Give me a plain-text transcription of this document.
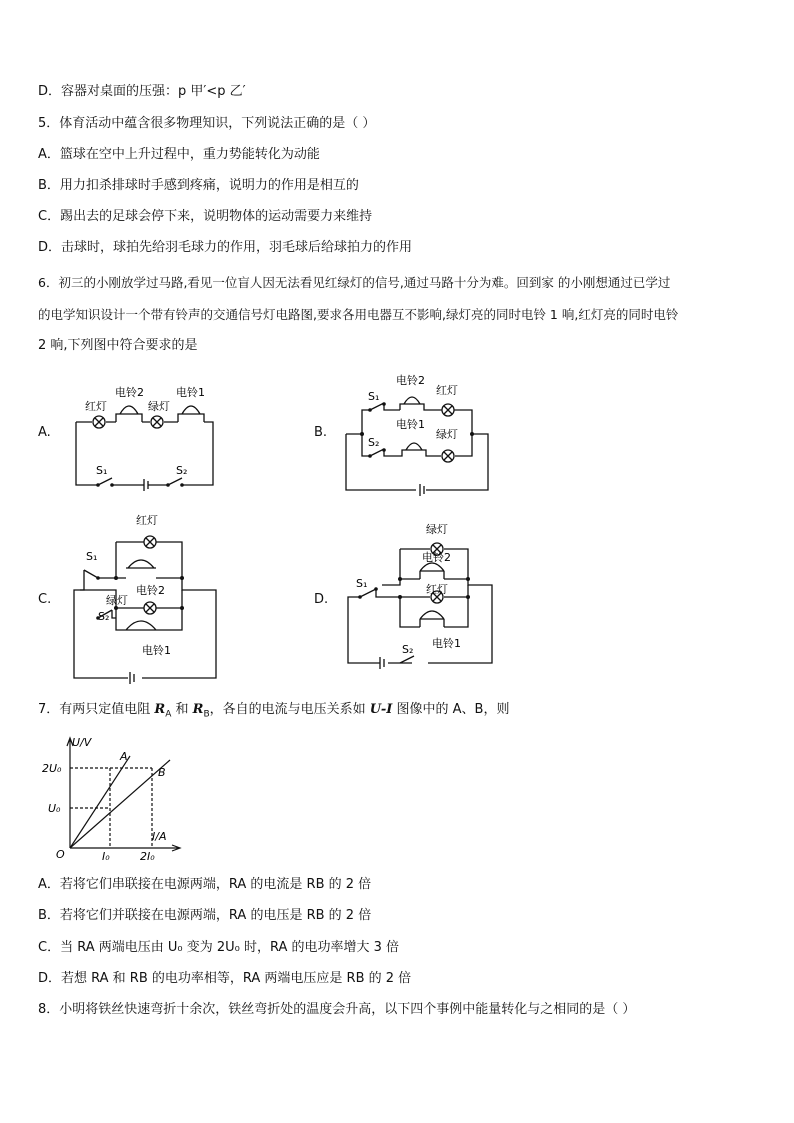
D．容器对桌面的压强：p 甲′<p 乙′
5．体育活动中蕴含很多物理知识，下列说法正确的是（ ）
A．篮球在空中上升过程中，重力势能转化为动能
B．用力扣杀排球时手感到疼痛，说明力的作用是相互的
C．踢出去的足球会停下来，说明物体的运动需要力来维持
D．击球时，球拍先给羽毛球力的作用，羽毛球后给球拍力的作用
6．初三的小刚放学过马路,看见一位盲人因无法看见红绿灯的信号,通过马路十分为难。回到家 的小刚想通过已学过
的电学知识设计一个带有铃声的交通信号灯电路图,要求各用电器互不影响,绿灯亮的同时电铃 1 响,红灯亮的同时电铃
2 响,下列图中符合要求的是
A.	B.
C.	D.
红灯
电铃2
绿灯
电铃1
S₁	S₂
电铃2
红灯
S₁
电铃1
绿灯
S₂
红灯
S₁
电铃2
绿灯
S₂
电铃1
绿灯
电铃2
S₁	红灯
电铃1
S₂
7．有两只定值电阻 $R_A$ 和 $R_B$，各自的电流与电压关系如 U-I 图像中的 A、B，则
U/V
I/A
O
U₀
2U₀
I₀	2I₀
A
B
A．若将它们串联接在电源两端，RA 的电流是 RB 的 2 倍
B．若将它们并联接在电源两端，RA 的电压是 RB 的 2 倍
C．当 RA 两端电压由 U₀ 变为 2U₀ 时，RA 的电功率增大 3 倍
D．若想 RA 和 RB 的电功率相等，RA 两端电压应是 RB 的 2 倍
8．小明将铁丝快速弯折十余次，铁丝弯折处的温度会升高，以下四个事例中能量转化与之相同的是（ ）
